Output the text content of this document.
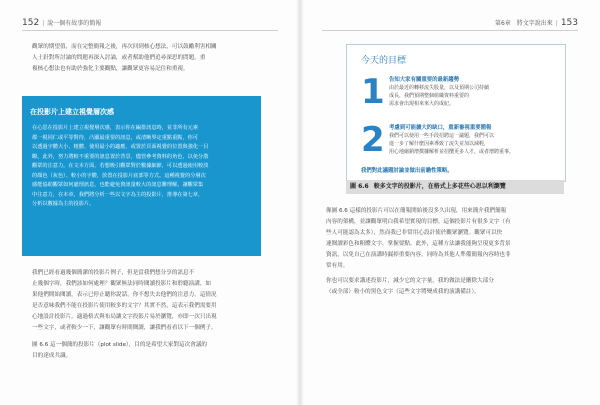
152 | 說一個有故事的簡報
觀眾的期望值，而在完整簡報之後，再次回到核心想法，可以鼓勵利害相關
人士針對所討論的問題再深入討論，或者幫助他們追尋深思的問題。重
複核心想法也有助於強化主要觀點，讓觀眾更容易記住和重視。
在投影片上建立視覺層次感
在心思在投影片上建立視覺層次感，表示你在編排訊息時，並非所有元素
都一視同仁或平等對待，凸顯最重要的訊息，或清晰界定重點重點，你可
以透過字體大小、粗體、使用最小的適應，或置於頁面視覺的位置與強化一目
瞭。此外，努力將較不重要的訊息置於背景，儘管參考資料的角色，以免分散
觀眾的注意力。在文本方面，若想吸引觀眾對於數據細節，可以透過使用較淡
的顏色（灰色）、較小的字體，放置在投影片底部等方式。這種視覺的分層次
感能協助觀眾如何處理訊息，也能避免資訊量較大的訊息難理解。讓觀眾集
中注意力，在本章，我們將分析一些以文字為主的投影片，推導在第七章，
分析以數據為主的投影片。
我們已經看過幾個簡潔的投影片例子，但是當我們想分享的訊息不
止幾個字時，我們該如何處理？觀眾無法同時閱讀投影片和聆聽演講，如
果他們開始閱讀，表示已停止聽你說話，你不想失去他們的注意力。這情況
是否意味我們不能在投影片使用較多的文字？其實不然，這表示我們需要用
心地設計投影片，適過格式與布局讓文字投影片易於瀏覽，亦即一次只出現
一些文字，或者較少一下，讓觀眾有時間閱讀，讓我們看看以下一個例子。
圖 6.6 這一個簡的投影片（plot slide），目的是希望大家對這次會議的
目的達成共識。
第6章　將文字說出來 | 153
今天的目標
1 告知大家有關重要的最新趨勢
由於最近的轉移流失股量，以及預期公司持續
成長，我們預期整個組織資料重要的
需求會出現相來來大的成紀。
2 考慮到可能擴大的缺口，重新審視重要簡報
我們可以使用一些手段招聘這一議題，我們可以
進一步了解什麼因素導致了流失並加以減輕，
用心地縮銷增撰據解析並招攬更多人才，或者增聘重事。
我們對此議題討論並做出前瞻性策略。
圖 6.6 較多文字的投影片，在格式上多花些心思以利瀏覽
像圖 6.6 這樣的投影片可以在簡報開始後沒多久出現，用來簡介我們簡報
內容的架構，並讓觀眾明白我希望實現的目標。這個投影片有很多文字（有
些人可能認為太多），然而我已非常用心設計使於觀眾瀏覽。觀眾可以快
速閱讀彩色和粗體文字，掌握要點。此外，這種方法讓我能夠呈現更多背景
資訊，以免自己在演講時漏掉重要內容，同時為其他人準備簡報內容時也非
常有用。
你也可以要求講述投影片，減少它的文字量，我的做法是刪除大部分
（或全部）較小的黑色文字（這些文字將變成我的演講備註）。
